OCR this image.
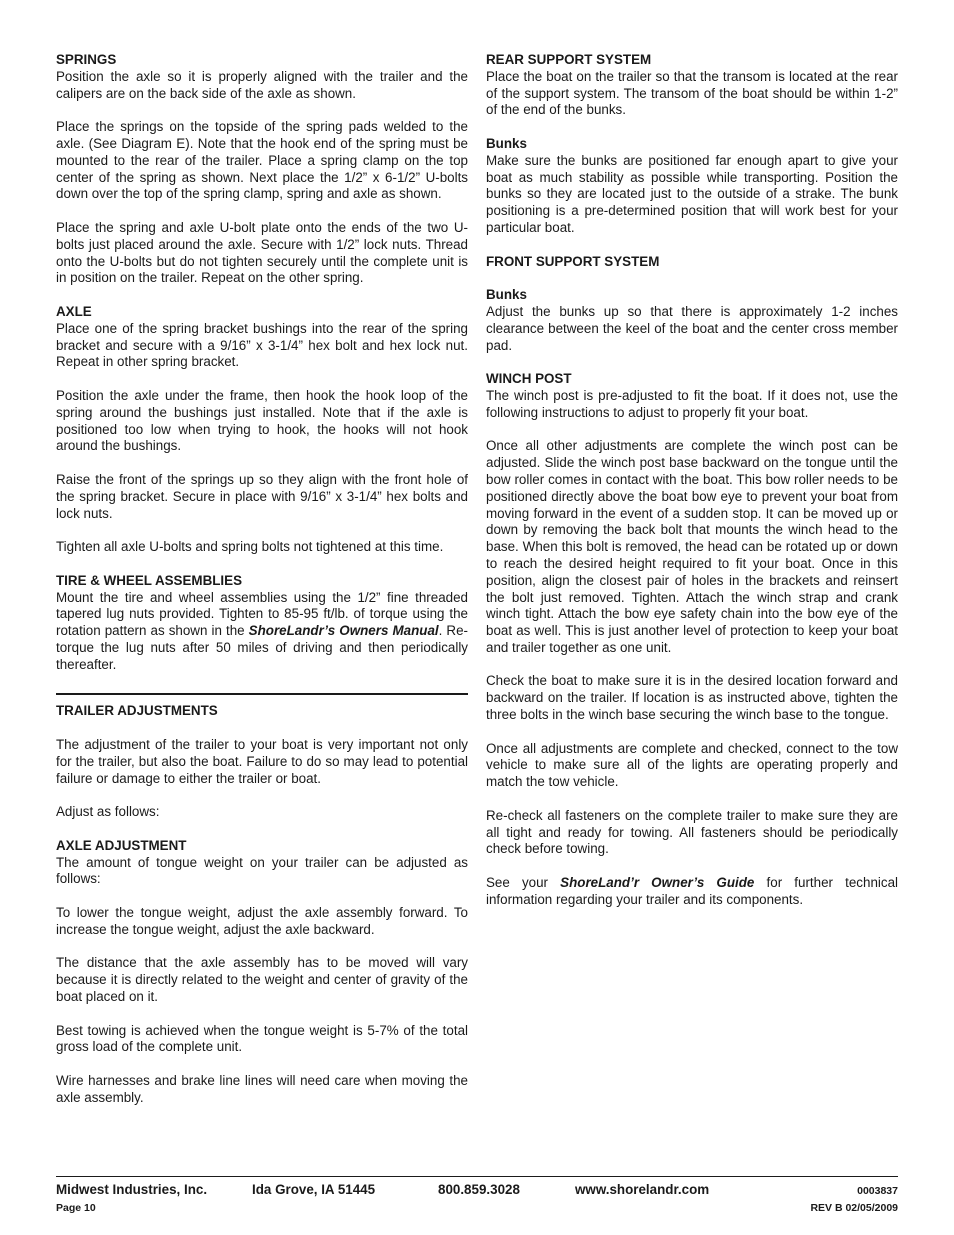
SPRINGS
Position the axle so it is properly aligned with the trailer and the calipers are on the back side of the axle as shown.
Place the springs on the topside of the spring pads welded to the axle. (See Diagram E). Note that the hook end of the spring must be mounted to the rear of the trailer. Place a spring clamp on the top center of the spring as shown. Next place the 1/2” x 6-1/2” U-bolts down over the top of the spring clamp, spring and axle as shown.
Place the spring and axle U-bolt plate onto the ends of the two U-bolts just placed around the axle. Secure with 1/2” lock nuts. Thread onto the U-bolts but do not tighten securely until the complete unit is in position on the trailer. Repeat on the other spring.
AXLE
Place one of the spring bracket bushings into the rear of the spring bracket and secure with a 9/16” x 3-1/4” hex bolt and hex lock nut. Repeat in other spring bracket.
Position the axle under the frame, then hook the hook loop of the spring around the bushings just installed. Note that if the axle is positioned too low when trying to hook, the hooks will not hook around the bushings.
Raise the front of the springs up so they align with the front hole of the spring bracket. Secure in place with 9/16” x 3-1/4” hex bolts and lock nuts.
Tighten all axle U-bolts and spring bolts not tightened at this time.
TIRE & WHEEL ASSEMBLIES
Mount the tire and wheel assemblies using the 1/2” fine threaded tapered lug nuts provided. Tighten to 85-95 ft/lb. of torque using the rotation pattern as shown in the ShoreLandr’s Owners Manual. Re-torque the lug nuts after 50 miles of driving and then periodically thereafter.
TRAILER ADJUSTMENTS
The adjustment of the trailer to your boat is very important not only for the trailer, but also the boat. Failure to do so may lead to potential failure or damage to either the trailer or boat.
Adjust as follows:
AXLE ADJUSTMENT
The amount of tongue weight on your trailer can be adjusted as follows:
To lower the tongue weight, adjust the axle assembly forward. To increase the tongue weight, adjust the axle backward.
The distance that the axle assembly has to be moved will vary because it is directly related to the weight and center of gravity of the boat placed on it.
Best towing is achieved when the tongue weight is 5-7% of the total gross load of the complete unit.
Wire harnesses and brake line lines will need care when moving the axle assembly.
REAR SUPPORT SYSTEM
Place the boat on the trailer so that the transom is located at the rear of the support system. The transom of the boat should be within 1-2” of the end of the bunks.
Bunks
Make sure the bunks are positioned far enough apart to give your boat as much stability as possible while transporting. Position the bunks so they are located just to the outside of a strake. The bunk positioning is a pre-determined position that will work best for your particular boat.
FRONT SUPPORT SYSTEM
Bunks
Adjust the bunks up so that there is approximately 1-2 inches clearance between the keel of the boat and the center cross member pad.
WINCH POST
The winch post is pre-adjusted to fit the boat. If it does not, use the following instructions to adjust to properly fit your boat.
Once all other adjustments are complete the winch post can be adjusted. Slide the winch post base backward on the tongue until the bow roller comes in contact with the boat. This bow roller needs to be positioned directly above the boat bow eye to prevent your boat from moving forward in the event of a sudden stop. It can be moved up or down by removing the back bolt that mounts the winch head to the base. When this bolt is removed, the head can be rotated up or down to reach the desired height required to fit your boat. Once in this position, align the closest pair of holes in the brackets and reinsert the bolt just removed. Tighten. Attach the winch strap and crank winch tight. Attach the bow eye safety chain into the bow eye of the boat as well. This is just another level of protection to keep your boat and trailer together as one unit.
Check the boat to make sure it is in the desired location forward and backward on the trailer. If location is as instructed above, tighten the three bolts in the winch base securing the winch base to the tongue.
Once all adjustments are complete and checked, connect to the tow vehicle to make sure all of the lights are operating properly and match the tow vehicle.
Re-check all fasteners on the complete trailer to make sure they are all tight and ready for towing. All fasteners should be periodically check before towing.
See your ShoreLand’r Owner’s Guide for further technical information regarding your trailer and its components.
Midwest Industries, Inc.	Ida Grove, IA 51445	800.859.3028	www.shorelandr.com	0003837
Page 10	REV B 02/05/2009
